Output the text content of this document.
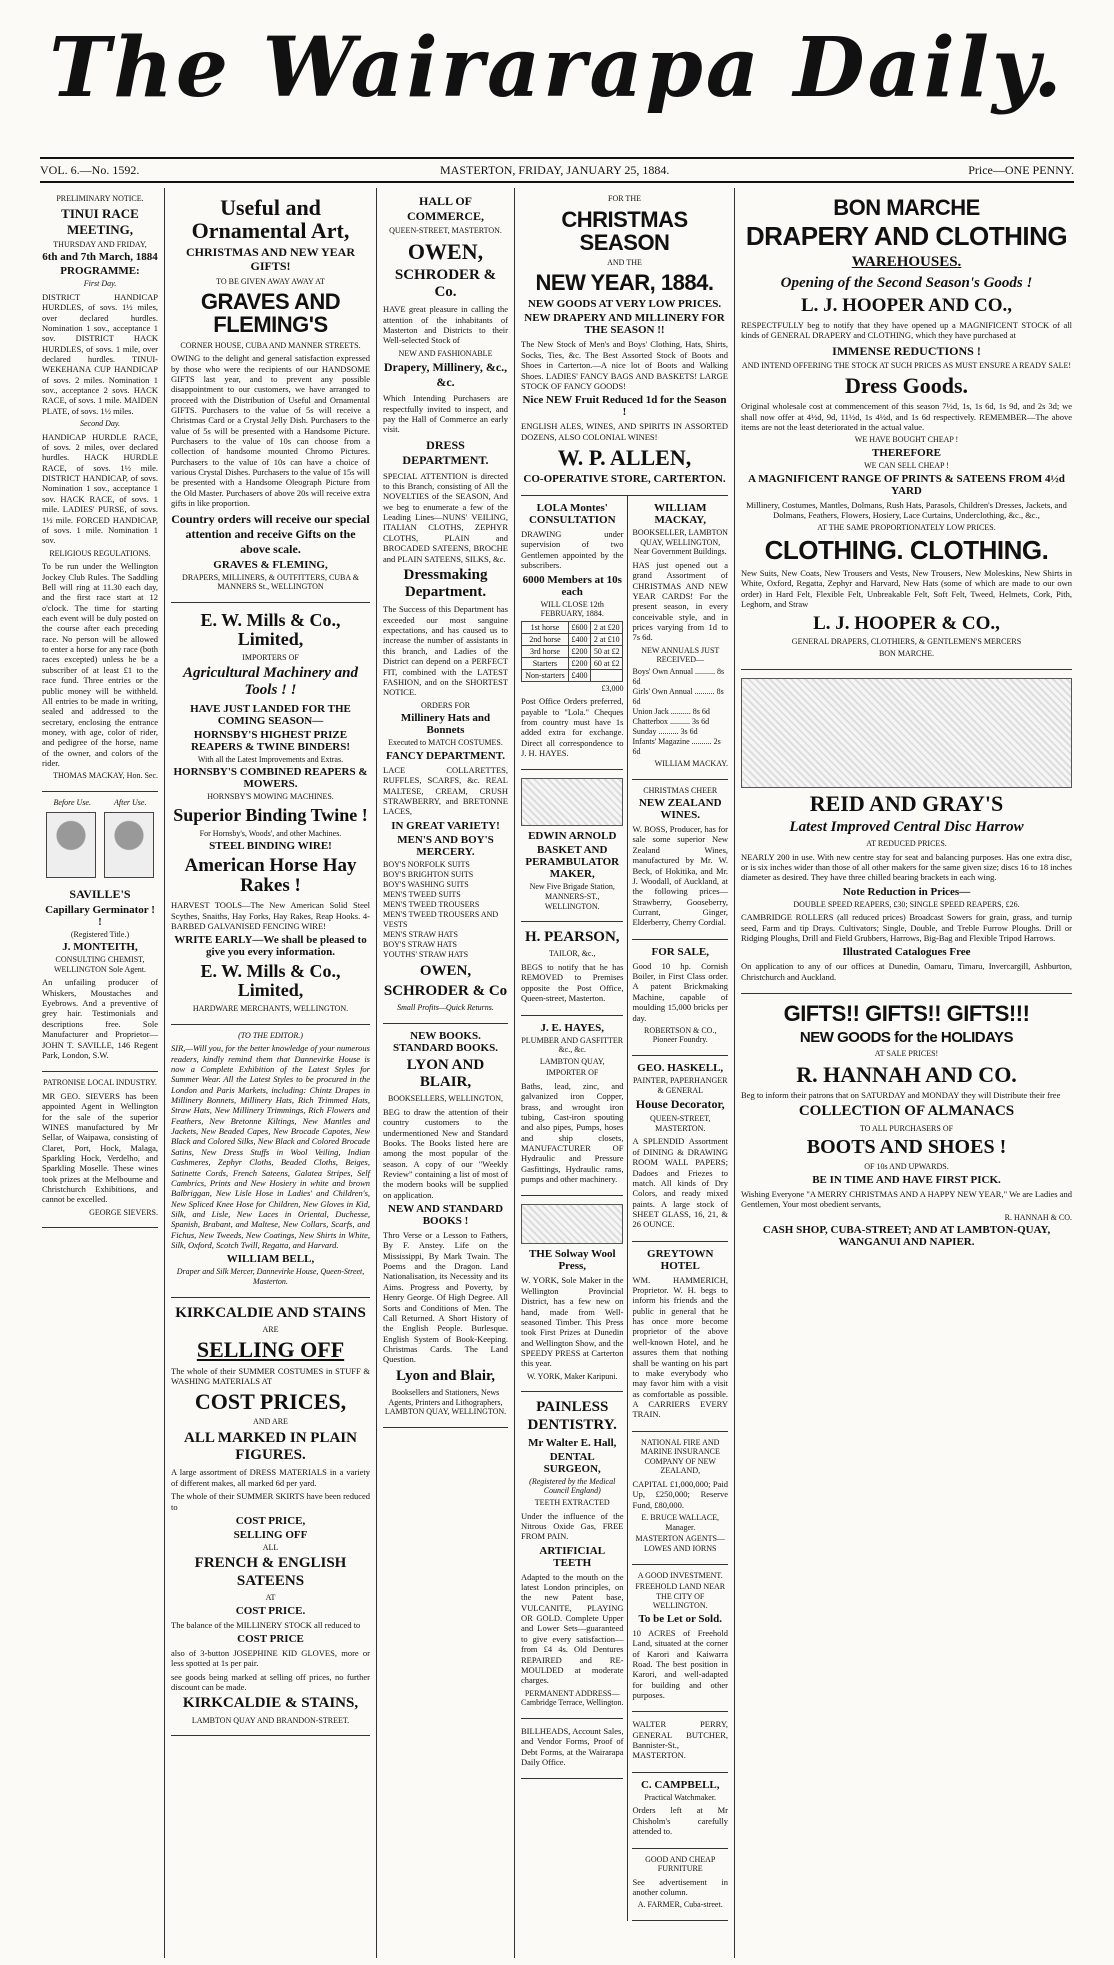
The Wairarapa Daily.
VOL. 6.—No. 1592.	MASTERTON, FRIDAY, JANUARY 25, 1884.	Price—ONE PENNY.
PRELIMINARY NOTICE.
TINUI RACE MEETING,
THURSDAY AND FRIDAY,
6th and 7th March, 1884
PROGRAMME:
First Day.
DISTRICT HANDICAP HURDLES, of sovs. 1½ miles, over declared hurdles. Nomination 1 sov., acceptance 1 sov. DISTRICT HACK HURDLES, of sovs. 1 mile, over declared hurdles. TINUI-WEKEHANA CUP HANDICAP of sovs. 2 miles. Nomination 1 sov., acceptance 2 sovs. HACK RACE, of sovs. 1 mile. MAIDEN PLATE, of sovs. 1½ miles.
Second Day.
HANDICAP HURDLE RACE, of sovs. 2 miles, over declared hurdles. HACK HURDLE RACE, of sovs. 1½ mile. DISTRICT HANDICAP, of sovs. Nomination 1 sov., acceptance 1 sov. HACK RACE, of sovs. 1 mile. LADIES' PURSE, of sovs. 1½ mile. FORCED HANDICAP, of sovs. 1 mile. Nomination 1 sov.
RELIGIOUS REGULATIONS.
To be run under the Wellington Jockey Club Rules. The Saddling Bell will ring at 11.30 each day, and the first race start at 12 o'clock. The time for starting each event will be duly posted on the course after each preceding race. No person will be allowed to enter a horse for any race (both races excepted) unless he be a subscriber of at least £1 to the race fund. Three entries or the public money will be withheld. All entries to be made in writing, sealed and addressed to the secretary, enclosing the entrance money, with age, color of rider, and pedigree of the horse, name of the owner, and colors of the rider.
THOMAS MACKAY, Hon. Sec.
Before Use.	After Use.

SAVILLE'S
Capillary Germinator ! !
(Registered Title.)
J. MONTEITH,
CONSULTING CHEMIST, WELLINGTON Sole Agent.
An unfailing producer of Whiskers, Moustaches and Eyebrows. And a preventive of grey hair. Testimonials and descriptions free. Sole Manufacturer and Proprietor—JOHN T. SAVILLE, 146 Regent Park, London, S.W.
PATRONISE LOCAL INDUSTRY.
MR GEO. SIEVERS has been appointed Agent in Wellington for the sale of the superior WINES manufactured by Mr Sellar, of Waipawa, consisting of Claret, Port, Hock, Malaga, Sparkling Hock, Verdelho, and Sparkling Moselle. These wines took prizes at the Melbourne and Christchurch Exhibitions, and cannot be excelled.
GEORGE SIEVERS.
Useful and Ornamental Art,
CHRISTMAS AND NEW YEAR GIFTS!
TO BE GIVEN AWAY AWAY AT
GRAVES AND FLEMING'S
CORNER HOUSE, CUBA AND MANNER STREETS.
OWING to the delight and general satisfaction expressed by those who were the recipients of our HANDSOME GIFTS last year, and to prevent any possible disappointment to our customers, we have arranged to proceed with the Distribution of Useful and Ornamental GIFTS. Purchasers to the value of 5s will receive a Christmas Card or a Crystal Jelly Dish. Purchasers to the value of 5s will be presented with a Handsome Picture. Purchasers to the value of 10s can choose from a collection of handsome mounted Chromo Pictures. Purchasers to the value of 10s can have a choice of various Crystal Dishes. Purchasers to the value of 15s will be presented with a Handsome Oleograph Picture from the Old Master. Purchasers of above 20s will receive extra gifts in like proportion.
Country orders will receive our special attention and receive Gifts on the above scale.
GRAVES & FLEMING,
DRAPERS, MILLINERS, & OUTFITTERS, CUBA & MANNERS St., WELLINGTON
E. W. Mills & Co., Limited,
IMPORTERS OF
Agricultural Machinery and Tools ! !
HAVE JUST LANDED FOR THE COMING SEASON—
HORNSBY'S HIGHEST PRIZE REAPERS & TWINE BINDERS!
With all the Latest Improvements and Extras.
HORNSBY'S COMBINED REAPERS & MOWERS.
HORNSBY'S MOWING MACHINES.
Superior Binding Twine !
For Hornsby's, Woods', and other Machines.
STEEL BINDING WIRE!
American Horse Hay Rakes !
HARVEST TOOLS—The New American Solid Steel Scythes, Snaiths, Hay Forks, Hay Rakes, Reap Hooks. 4-BARBED GALVANISED FENCING WIRE!
WRITE EARLY—We shall be pleased to give you every information.
E. W. Mills & Co., Limited,
HARDWARE MERCHANTS, WELLINGTON.
(TO THE EDITOR.)
SIR,—Will you, for the better knowledge of your numerous readers, kindly remind them that Dannevirke House is now a Complete Exhibition of the Latest Styles for Summer Wear. All the Latest Styles to be procured in the London and Paris Markets, including: Chintz Drapes in Millinery Bonnets, Millinery Hats, Rich Trimmed Hats, Straw Hats, New Millinery Trimmings, Rich Flowers and Feathers, New Bretonne Kiltings, New Mantles and Jackets, New Beaded Capes, New Brocade Capotes, New Black and Colored Silks, New Black and Colored Brocade Satins, New Dress Stuffs in Wool Veiling, Indian Cashmeres, Zephyr Cloths, Beaded Cloths, Beiges, Satinette Cords, French Sateens, Galatea Stripes, Self Cambrics, Prints and New Hosiery in white and brown Balbriggan, New Lisle Hose in Ladies' and Children's, New Spliced Knee Hose for Children, New Gloves in Kid, Silk, and Lisle, New Laces in Oriental, Duchesse, Spanish, Brabant, and Maltese, New Collars, Scarfs, and Fichus, New Tweeds, New Coatings, New Shirts in White, Silk, Oxford, Scotch Twill, Regatta, and Harvard.
WILLIAM BELL,
Draper and Silk Mercer, Dannevirke House, Queen-Street, Masterton.
KIRKCALDIE AND STAINS
ARE
SELLING OFF
The whole of their SUMMER COSTUMES in STUFF & WASHING MATERIALS AT
COST PRICES,
AND ARE
ALL MARKED IN PLAIN FIGURES.
A large assortment of DRESS MATERIALS in a variety of different makes, all marked 6d per yard.
The whole of their SUMMER SKIRTS have been reduced to
COST PRICE,
SELLING OFF
ALL
FRENCH & ENGLISH SATEENS
AT
COST PRICE.
The balance of the MILLINERY STOCK all reduced to
COST PRICE
also of 3-button JOSEPHINE KID GLOVES, more or less spotted at 1s per pair.
see goods being marked at selling off prices, no further discount can be made.
KIRKCALDIE & STAINS,
LAMBTON QUAY AND BRANDON-STREET.
HALL OF COMMERCE,
QUEEN-STREET, MASTERTON.
OWEN,
SCHRODER & Co.
HAVE great pleasure in calling the attention of the inhabitants of Masterton and Districts to their Well-selected Stock of
NEW AND FASHIONABLE
Drapery, Millinery, &c., &c.
Which Intending Purchasers are respectfully invited to inspect, and pay the Hall of Commerce an early visit.
DRESS DEPARTMENT.
SPECIAL ATTENTION is directed to this Branch, consisting of All the NOVELTIES of the SEASON, And we beg to enumerate a few of the Leading Lines—NUNS' VEILING, ITALIAN CLOTHS, ZEPHYR CLOTHS, PLAIN and BROCADED SATEENS, BROCHE and PLAIN SATEENS, SILKS, &c.
Dressmaking Department.
The Success of this Department has exceeded our most sanguine expectations, and has caused us to increase the number of assistants in this branch, and Ladies of the District can depend on a PERFECT FIT, combined with the LATEST FASHION, and on the SHORTEST NOTICE.
ORDERS FOR
Millinery Hats and Bonnets
Executed to MATCH COSTUMES.
FANCY DEPARTMENT.
LACE COLLARETTES, RUFFLES, SCARFS, &c. REAL MALTESE, CREAM, CRUSH STRAWBERRY, and BRETONNE LACES,
IN GREAT VARIETY!
MEN'S AND BOY'S MERCERY.
BOY'S NORFOLK SUITS
BOY'S BRIGHTON SUITS
BOY'S WASHING SUITS
MEN'S TWEED SUITS
MEN'S TWEED TROUSERS
MEN'S TWEED TROUSERS AND VESTS
MEN'S STRAW HATS
BOY'S STRAW HATS
YOUTHS' STRAW HATS
OWEN,
SCHRODER & Co
Small Profits—Quick Returns.
NEW BOOKS. STANDARD BOOKS.
LYON AND BLAIR,
BOOKSELLERS, WELLINGTON,
BEG to draw the attention of their country customers to the undermentioned New and Standard Books. The Books listed here are among the most popular of the season. A copy of our "Weekly Review" containing a list of most of the modern books will be supplied on application.
NEW AND STANDARD BOOKS !
Thro Verse or a Lesson to Fathers, By F. Anstey. Life on the Mississippi, By Mark Twain. The Poems and the Dragon. Land Nationalisation, its Necessity and its Aims. Progress and Poverty, by Henry George. Of High Degree. All Sorts and Conditions of Men. The Call Returned. A Short History of the English People. Burlesque. English System of Book-Keeping. Christmas Cards. The Land Question.
Lyon and Blair,
Booksellers and Stationers, News Agents, Printers and Lithographers, LAMBTON QUAY, WELLINGTON.
FOR THE
CHRISTMAS SEASON
AND THE
NEW YEAR, 1884.
NEW GOODS AT VERY LOW PRICES.
NEW DRAPERY AND MILLINERY FOR THE SEASON !!
The New Stock of Men's and Boys' Clothing, Hats, Shirts, Socks, Ties, &c. The Best Assorted Stock of Boots and Shoes in Carterton.—A nice lot of Boots and Walking Shoes. LADIES' FANCY BAGS AND BASKETS! LARGE STOCK OF FANCY GOODS!
Nice NEW Fruit Reduced 1d for the Season !
ENGLISH ALES, WINES, AND SPIRITS IN ASSORTED DOZENS, ALSO COLONIAL WINES!
W. P. ALLEN,
CO-OPERATIVE STORE, CARTERTON.
LOLA Montes' CONSULTATION
DRAWING under supervision of two Gentlemen appointed by the subscribers.
6000 Members at 10s each
WILL CLOSE 12th FEBRUARY, 1884.
1st horse	£600	2 at £20
2nd horse	£400	2 at £10
3rd horse	£200	50 at £2
Starters	£200	60 at £2
Non-starters	£400	
£3,000
Post Office Orders preferred, payable to "Lola." Cheques from country must have 1s added extra for exchange. Direct all correspondence to J. H. HAYES.
EDWIN ARNOLD
BASKET AND PERAMBULATOR MAKER,
New Five Brigade Station, MANNERS-ST., WELLINGTON.
H. PEARSON,
TAILOR, &c.,
BEGS to notify that he has REMOVED to Premises opposite the Post Office, Queen-street, Masterton.
J. E. HAYES,
PLUMBER AND GASFITTER &c., &c.
LAMBTON QUAY,
IMPORTER OF
Baths, lead, zinc, and galvanized iron Copper, brass, and wrought iron tubing, Cast-iron spouting and also pipes, Pumps, hoses and ship closets, MANUFACTURER OF Hydraulic and Pressure Gasfittings, Hydraulic rams, pumps and other machinery.
THE Solway Wool Press,
W. YORK, Sole Maker in the Wellington Provincial District, has a few new on hand, made from Well-seasoned Timber. This Press took First Prizes at Dunedin and Wellington Show, and the SPEEDY PRESS at Carterton this year.
W. YORK, Maker Karipuni.
PAINLESS DENTISTRY.
Mr Walter E. Hall,
DENTAL SURGEON,
(Registered by the Medical Council England)
TEETH EXTRACTED
Under the influence of the Nitrous Oxide Gas, FREE FROM PAIN.
ARTIFICIAL TEETH
Adapted to the mouth on the latest London principles, on the new Patent base, VULCANITE, PLAYING OR GOLD. Complete Upper and Lower Sets—guaranteed to give every satisfaction—from £4 4s. Old Dentures REPAIRED and RE-MOULDED at moderate charges.
PERMANENT ADDRESS—Cambridge Terrace, Wellington.
BILLHEADS, Account Sales, and Vendor Forms, Proof of Debt Forms, at the Wairarapa Daily Office.
WILLIAM MACKAY,
BOOKSELLER, LAMBTON QUAY, WELLINGTON, Near Government Buildings.
HAS just opened out a grand Assortment of CHRISTMAS AND NEW YEAR CARDS! For the present season, in every conceivable style, and in prices varying from 1d to 7s 6d.
NEW ANNUALS JUST RECEIVED—
Boys' Own Annual .......... 8s 6d
Girls' Own Annual .......... 8s 6d
Union Jack .......... 8s 6d
Chatterbox .......... 3s 6d
Sunday .......... 3s 6d
Infants' Magazine .......... 2s 6d
WILLIAM MACKAY.
CHRISTMAS CHEER
NEW ZEALAND WINES.
W. BOSS, Producer, has for sale some superior New Zealand Wines, manufactured by Mr. W. Beck, of Hokitika, and Mr. J. Woodall, of Auckland, at the following prices—Strawberry, Gooseberry, Currant, Ginger, Elderberry, Cherry Cordial.
FOR SALE,
Good 10 hp. Cornish Boiler, in First Class order. A patent Brickmaking Machine, capable of moulding 15,000 bricks per day.
ROBERTSON & CO., Pioneer Foundry.
GEO. HASKELL,
PAINTER, PAPERHANGER & GENERAL
House Decorator,
QUEEN-STREET, MASTERTON.
A SPLENDID Assortment of DINING & DRAWING ROOM WALL PAPERS; Dadoes and Friezes to match. All kinds of Dry Colors, and ready mixed paints. A large stock of SHEET GLASS, 16, 21, & 26 OUNCE.
GREYTOWN HOTEL
WM. HAMMERICH, Proprietor. W. H. begs to inform his friends and the public in general that he has once more become proprietor of the above well-known Hotel, and he assures them that nothing shall be wanting on his part to make everybody who may favor him with a visit as comfortable as possible. A CARRIERS EVERY TRAIN.
NATIONAL FIRE AND MARINE INSURANCE COMPANY OF NEW ZEALAND,
CAPITAL £1,000,000; Paid Up, £250,000; Reserve Fund, £80,000.
E. BRUCE WALLACE, Manager.
MASTERTON AGENTS—LOWES AND IORNS
A GOOD INVESTMENT.
FREEHOLD LAND NEAR THE CITY OF WELLINGTON.
To be Let or Sold.
10 ACRES of Freehold Land, situated at the corner of Karori and Kaiwarra Road. The best position in Karori, and well-adapted for building and other purposes.
WALTER PERRY, GENERAL BUTCHER, Bannister-St., MASTERTON.
C. CAMPBELL,
Practical Watchmaker.
Orders left at Mr Chisholm's carefully attended to.
GOOD AND CHEAP FURNITURE
See advertisement in another column.
A. FARMER, Cuba-street.
BON MARCHE
DRAPERY AND CLOTHING
WAREHOUSES.
Opening of the Second Season's Goods !
L. J. HOOPER AND CO.,
RESPECTFULLY beg to notify that they have opened up a MAGNIFICENT STOCK of all kinds of GENERAL DRAPERY and CLOTHING, which they have purchased at
IMMENSE REDUCTIONS !
AND INTEND OFFERING THE STOCK AT SUCH PRICES AS MUST ENSURE A READY SALE!
Dress Goods.
Original wholesale cost at commencement of this season 7½d, 1s, 1s 6d, 1s 9d, and 2s 3d; we shall now offer at 4½d, 9d, 11½d, 1s 4½d, and 1s 6d respectively. REMEMBER—The above items are not the least deteriorated in the actual value.
WE HAVE BOUGHT CHEAP !
THEREFORE
WE CAN SELL CHEAP !
A MAGNIFICENT RANGE OF PRINTS & SATEENS FROM 4½d YARD
Millinery, Costumes, Mantles, Dolmans, Rush Hats, Parasols, Children's Dresses, Jackets, and Dolmans, Feathers, Flowers, Hosiery, Lace Curtains, Underclothing, &c., &c.,
AT THE SAME PROPORTIONATELY LOW PRICES.
CLOTHING. CLOTHING.
New Suits, New Coats, New Trousers and Vests, New Trousers, New Moleskins, New Shirts in White, Oxford, Regatta, Zephyr and Harvard, New Hats (some of which are made to our own order) in Hard Felt, Flexible Felt, Unbreakable Felt, Soft Felt, Tweed, Helmets, Cork, Pith, Leghorn, and Straw
L. J. HOOPER & CO.,
GENERAL DRAPERS, CLOTHIERS, & GENTLEMEN'S MERCERS
BON MARCHE.
REID AND GRAY'S
Latest Improved Central Disc Harrow
AT REDUCED PRICES.
NEARLY 200 in use. With new centre stay for seat and balancing purposes. Has one extra disc, or is six inches wider than those of all other makers for the same given size; discs 16 to 18 inches diameter as desired. They have three chilled bearing brackets in each wing.
Note Reduction in Prices—
DOUBLE SPEED REAPERS, £30; SINGLE SPEED REAPERS, £26.
CAMBRIDGE ROLLERS (all reduced prices) Broadcast Sowers for grain, grass, and turnip seed, Farm and tip Drays. Cultivators; Single, Double, and Treble Furrow Ploughs. Drill or Ridging Ploughs, Drill and Field Grubbers, Harrows, Big-Bag and Flexible Tripod Harrows.
Illustrated Catalogues Free
On application to any of our offices at Dunedin, Oamaru, Timaru, Invercargill, Ashburton, Christchurch and Auckland.
GIFTS!! GIFTS!! GIFTS!!!
NEW GOODS for the HOLIDAYS
AT SALE PRICES!
R. HANNAH AND CO.
Beg to inform their patrons that on SATURDAY and MONDAY they will Distribute their free
COLLECTION OF ALMANACS
TO ALL PURCHASERS OF
BOOTS AND SHOES !
OF 10s AND UPWARDS.
BE IN TIME AND HAVE FIRST PICK.
Wishing Everyone "A MERRY CHRISTMAS AND A HAPPY NEW YEAR," We are Ladies and Gentlemen, Your most obedient servants,
R. HANNAH & CO.
CASH SHOP, CUBA-STREET; AND AT LAMBTON-QUAY, WANGANUI AND NAPIER.
